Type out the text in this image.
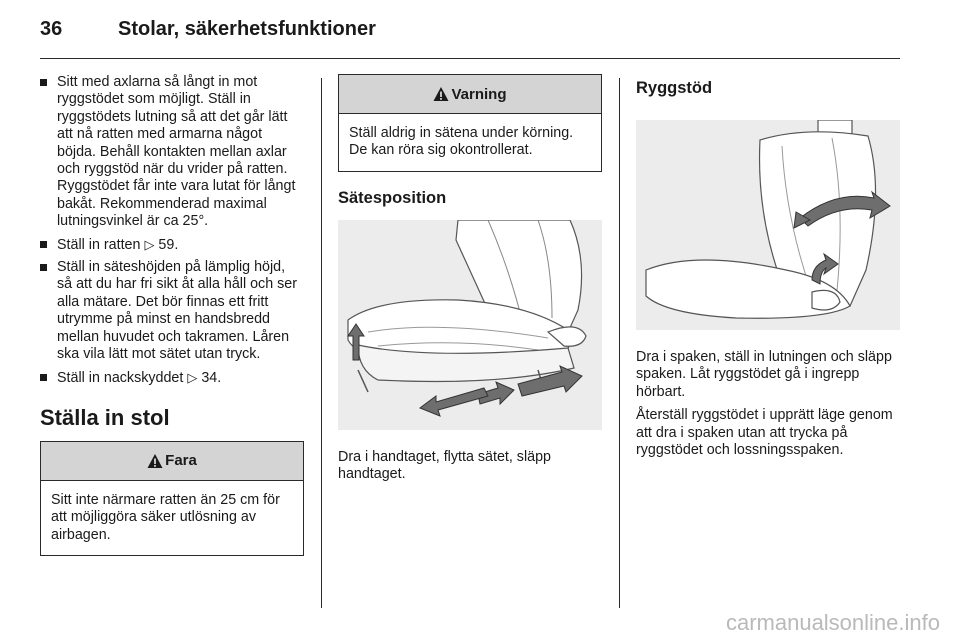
36	Stolar, säkerhetsfunktioner
Sitt med axlarna så långt in mot ryggstödet som möjligt. Ställ in ryggstödets lutning så att det går lätt att nå ratten med armarna något böjda. Behåll kontakten mellan axlar och ryggstöd när du vrider på ratten. Ryggstödet får inte vara lutat för långt bakåt. Rekommenderad maximal lutningsvinkel är ca 25°.
Ställ in ratten ▷ 59.
Ställ in säteshöjden på lämplig höjd, så att du har fri sikt åt alla håll och ser alla mätare. Det bör finnas ett fritt utrymme på minst en handsbredd mellan huvudet och takramen. Låren ska vila lätt mot sätet utan tryck.
Ställ in nackskyddet ▷ 34.
Ställa in stol
Fara
Sitt inte närmare ratten än 25 cm för att möjliggöra säker utlösning av airbagen.
Varning
Ställ aldrig in sätena under körning. De kan röra sig okontrollerat.
Sätesposition

Dra i handtaget, flytta sätet, släpp handtaget.

Ryggstöd

Dra i spaken, ställ in lutningen och släpp spaken. Låt ryggstödet gå i ingrepp hörbart.

Återställ ryggstödet i upprätt läge genom att dra i spaken utan att trycka på ryggstödet och lossningsspaken.

carmanualsonline.info
